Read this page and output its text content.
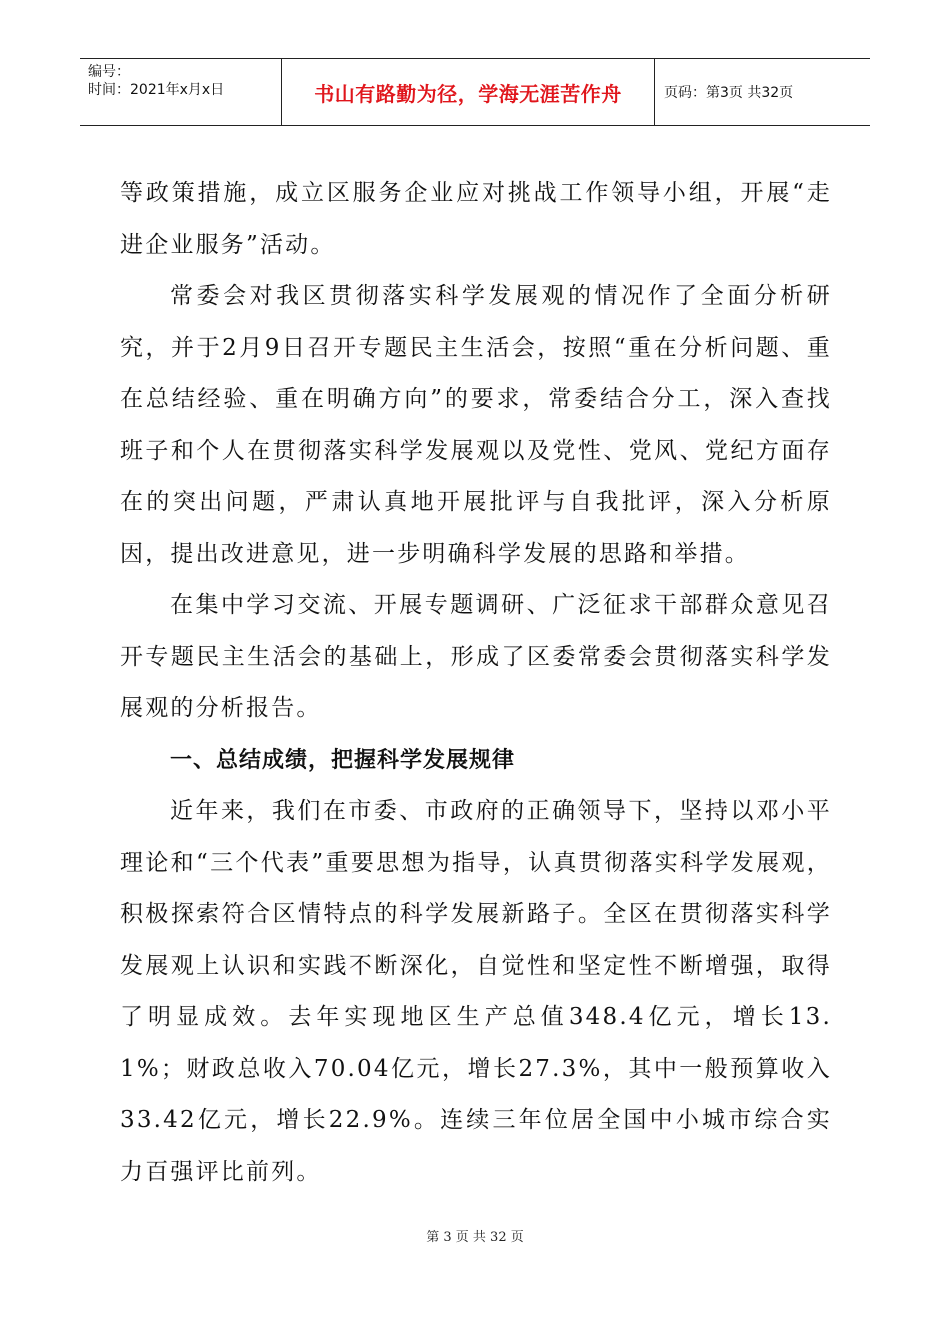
编号：
时间：2021年x月x日	书山有路勤为径，学海无涯苦作舟	页码：第3页 共32页

等政策措施，成立区服务企业应对挑战工作领导小组，开展“走进企业服务”活动。

常委会对我区贯彻落实科学发展观的情况作了全面分析研究，并于2月9日召开专题民主生活会，按照“重在分析问题、重在总结经验、重在明确方向”的要求，常委结合分工，深入查找班子和个人在贯彻落实科学发展观以及党性、党风、党纪方面存在的突出问题，严肃认真地开展批评与自我批评，深入分析原因，提出改进意见，进一步明确科学发展的思路和举措。

在集中学习交流、开展专题调研、广泛征求干部群众意见召开专题民主生活会的基础上，形成了区委常委会贯彻落实科学发展观的分析报告。

一、总结成绩，把握科学发展规律

近年来，我们在市委、市政府的正确领导下，坚持以邓小平理论和“三个代表”重要思想为指导，认真贯彻落实科学发展观，积极探索符合区情特点的科学发展新路子。全区在贯彻落实科学发展观上认识和实践不断深化，自觉性和坚定性不断增强，取得了明显成效。去年实现地区生产总值348.4亿元，增长13.1%；财政总收入70.04亿元，增长27.3%，其中一般预算收入33.42亿元，增长22.9%。连续三年位居全国中小城市综合实力百强评比前列。

第 3 页 共 32 页
